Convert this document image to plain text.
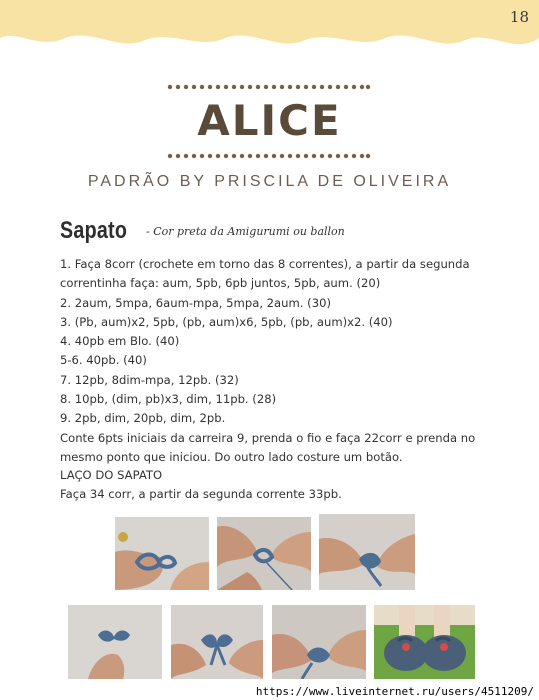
18
ALICE
PADRÃO BY PRISCILA DE OLIVEIRA
Sapato - Cor preta da Amigurumi ou ballon

1. Faça 8corr (crochete em torno das 8 correntes), a partir da segunda correntinha faça: aum, 5pb, 6pb juntos, 5pb, aum. (20)

2. 2aum, 5mpa, 6aum-mpa, 5mpa, 2aum. (30)

3. (Pb, aum)x2, 5pb, (pb, aum)x6, 5pb, (pb, aum)x2. (40)

4. 40pb em Blo. (40)

5-6. 40pb. (40)

7. 12pb, 8dim-mpa, 12pb. (32)

8. 10pb, (dim, pb)x3, dim, 11pb. (28)

9. 2pb, dim, 20pb, dim, 2pb.

Conte 6pts iniciais da carreira 9, prenda o fio e faça 22corr e prenda no mesmo ponto que iniciou. Do outro lado costure um botão.

LAÇO DO SAPATO

Faça 34 corr, a partir da segunda corrente 33pb.

https://www.liveinternet.ru/users/4511209/
